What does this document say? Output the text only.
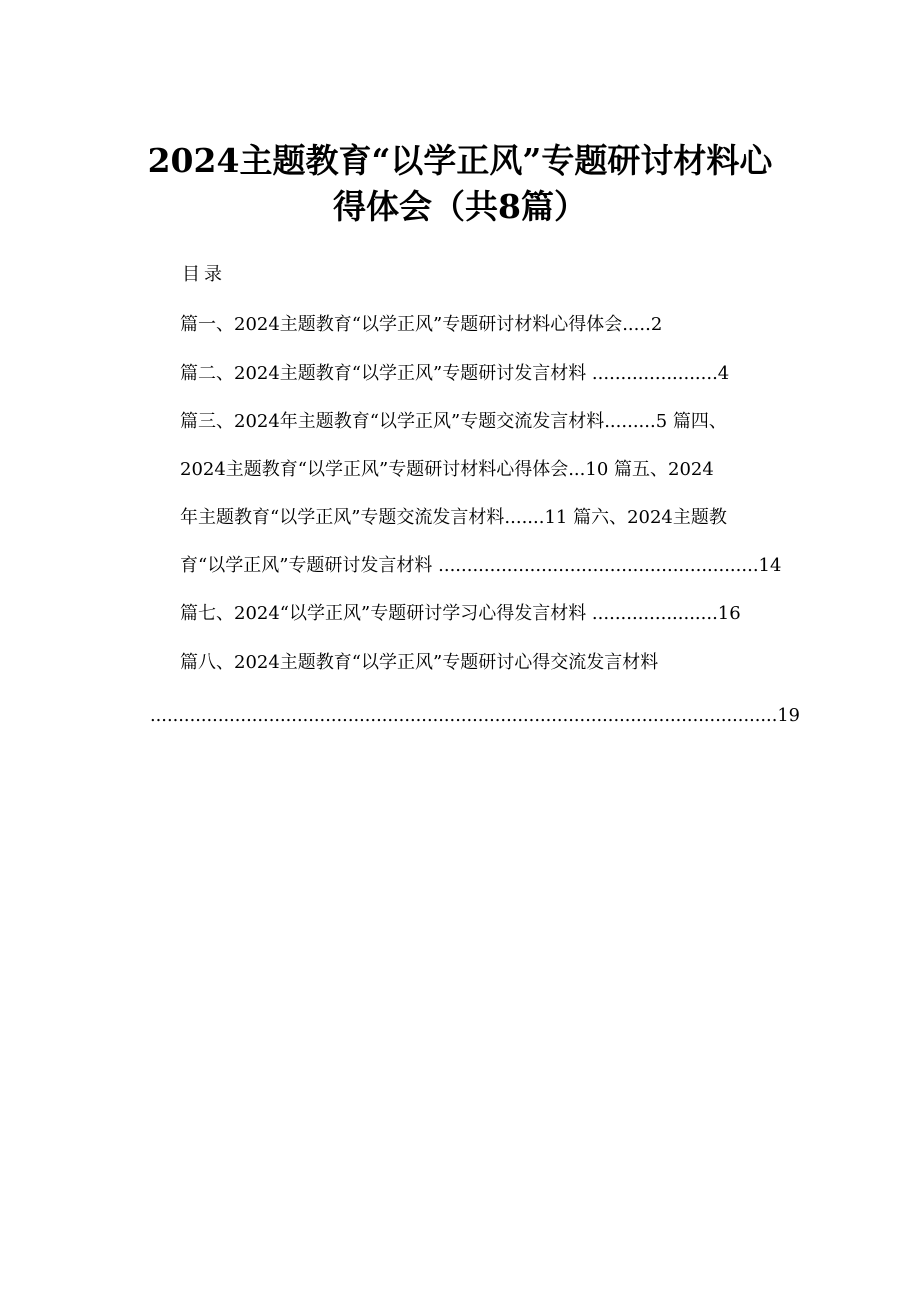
2024主题教育“以学正风”专题研讨材料心
得体会（共8篇）
目录
篇一、2024主题教育“以学正风”专题研讨材料心得体会.....2
篇二、2024主题教育“以学正风”专题研讨发言材料 ......................4
篇三、2024年主题教育“以学正风”专题交流发言材料.........5 篇四、
2024主题教育“以学正风”专题研讨材料心得体会...10 篇五、2024
年主题教育“以学正风”专题交流发言材料.......11 篇六、2024主题教
育“以学正风”专题研讨发言材料 ........................................................14
篇七、2024“以学正风”专题研讨学习心得发言材料 ......................16
篇八、2024主题教育“以学正风”专题研讨心得交流发言材料
...............................................................................................................19
